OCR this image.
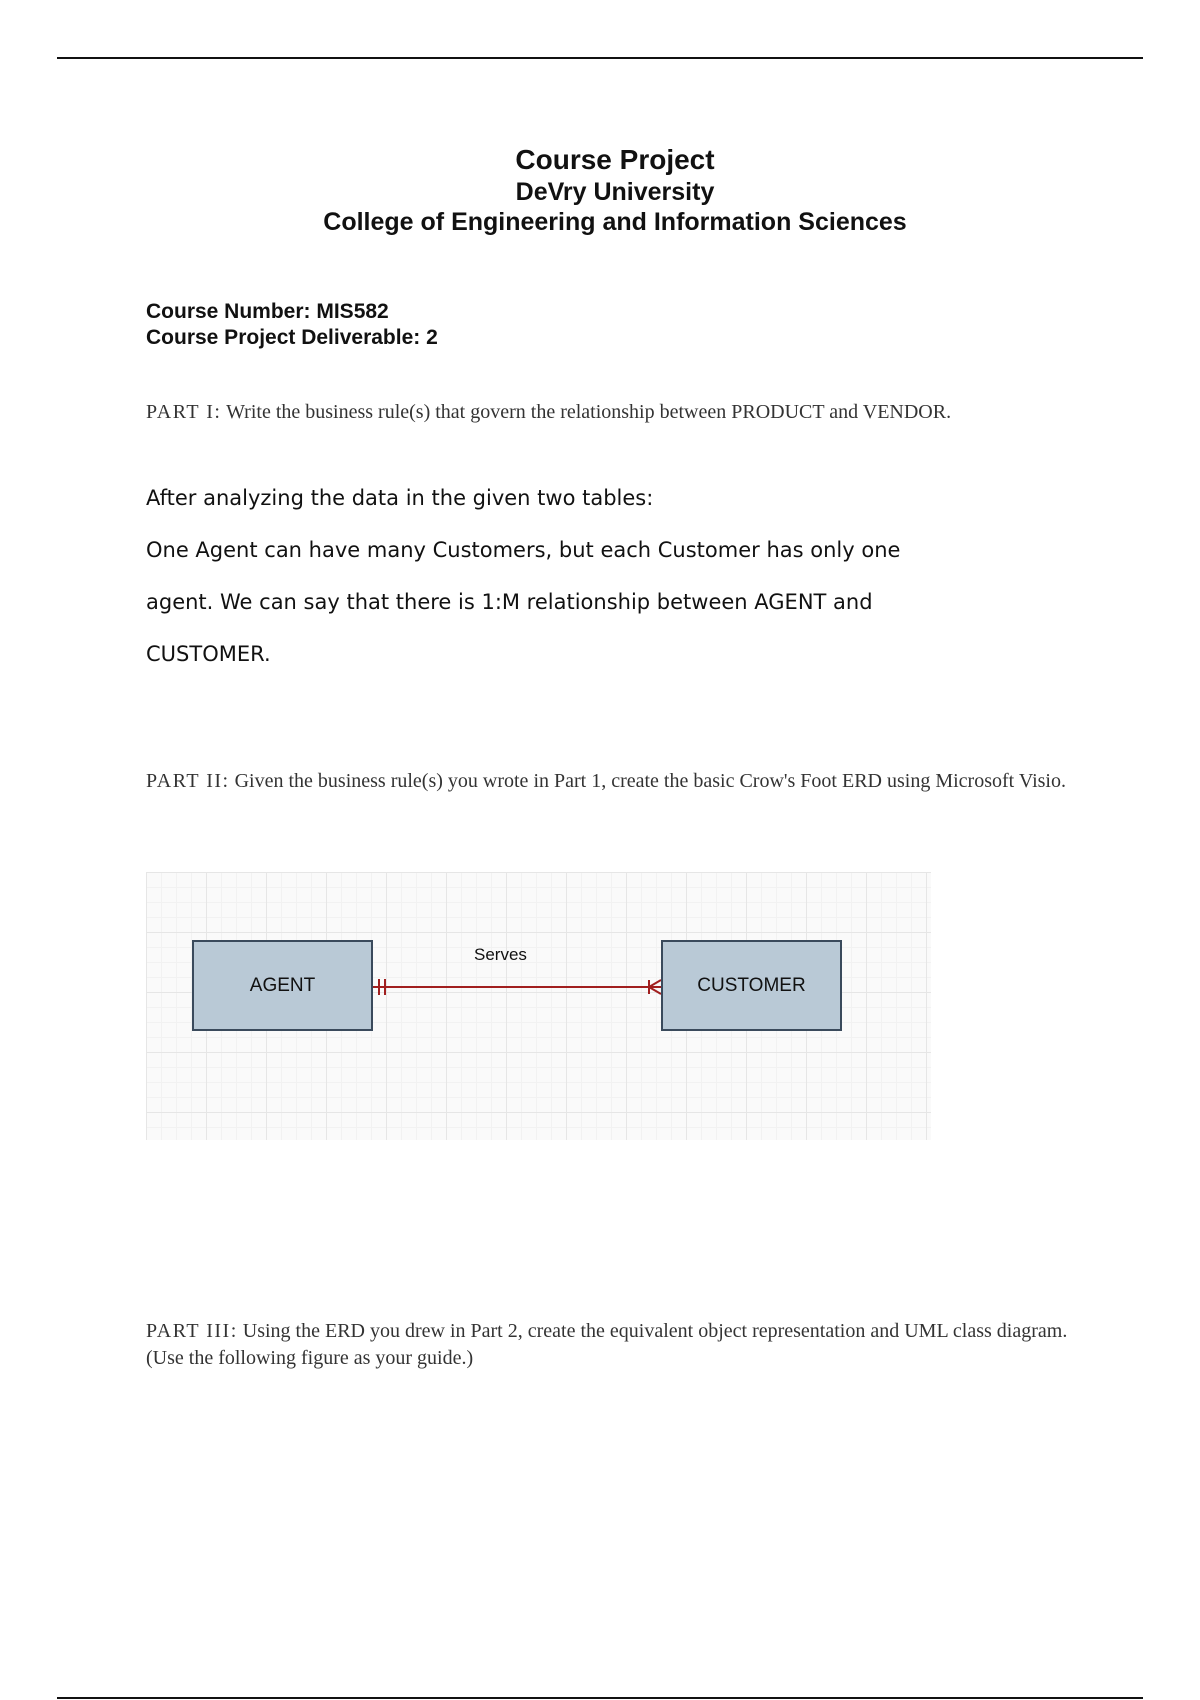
Course Project
DeVry University
College of Engineering and Information Sciences
Course Number: MIS582
Course Project Deliverable: 2
PART I: Write the business rule(s) that govern the relationship between PRODUCT and VENDOR.

After analyzing the data in the given two tables:

One Agent can have many Customers, but each Customer has only one agent. We can say that there is 1:M relationship between AGENT and CUSTOMER.

PART II: Given the business rule(s) you wrote in Part 1, create the basic Crow's Foot ERD using Microsoft Visio.
AGENT
Serves
CUSTOMER
PART III: Using the ERD you drew in Part 2, create the equivalent object representation and UML class diagram. (Use the following figure as your guide.)
